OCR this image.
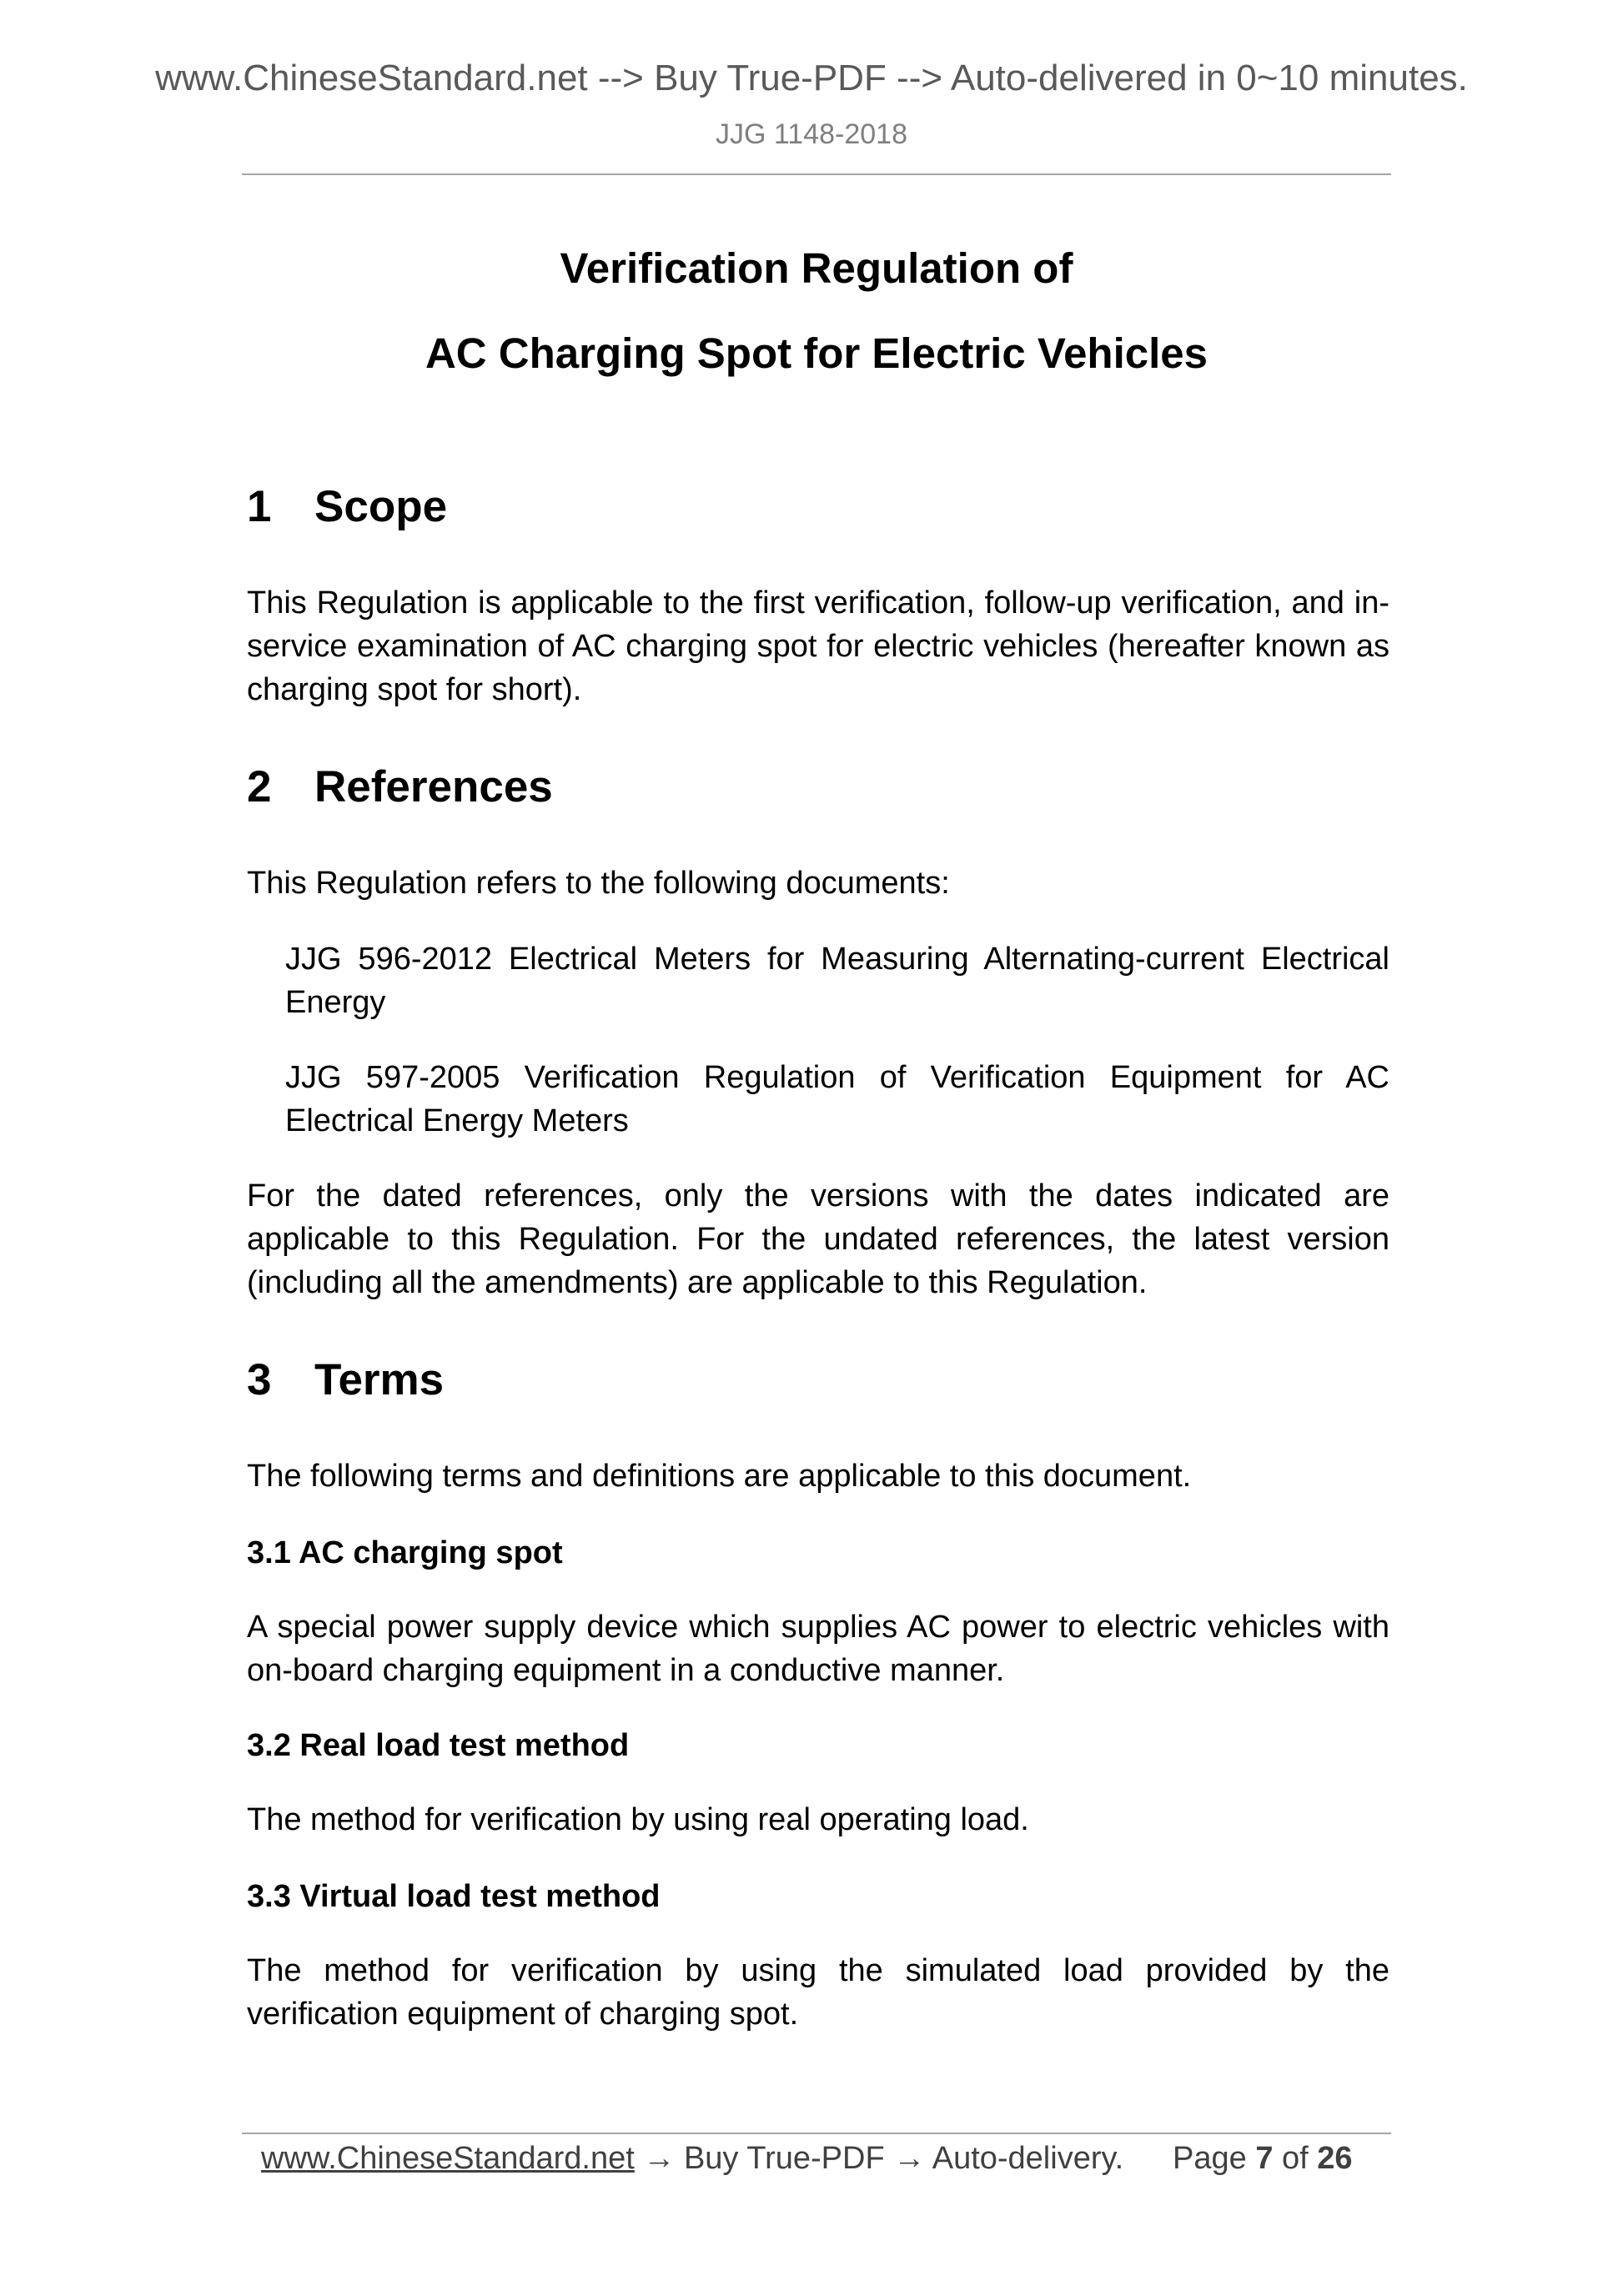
www.ChineseStandard.net --> Buy True-PDF --> Auto-delivered in 0~10 minutes.
JJG 1148-2018
Verification Regulation of
AC Charging Spot for Electric Vehicles
1 Scope
This Regulation is applicable to the first verification, follow-up verification, and in-service examination of AC charging spot for electric vehicles (hereafter known as charging spot for short).
2 References
This Regulation refers to the following documents:
JJG 596-2012 Electrical Meters for Measuring Alternating-current Electrical Energy
JJG 597-2005 Verification Regulation of Verification Equipment for AC Electrical Energy Meters
For the dated references, only the versions with the dates indicated are applicable to this Regulation. For the undated references, the latest version (including all the amendments) are applicable to this Regulation.
3 Terms
The following terms and definitions are applicable to this document.
3.1 AC charging spot
A special power supply device which supplies AC power to electric vehicles with on-board charging equipment in a conductive manner.
3.2 Real load test method
The method for verification by using real operating load.
3.3 Virtual load test method
The method for verification by using the simulated load provided by the verification equipment of charging spot.
www.ChineseStandard.net → Buy True-PDF → Auto-delivery. Page 7 of 26
